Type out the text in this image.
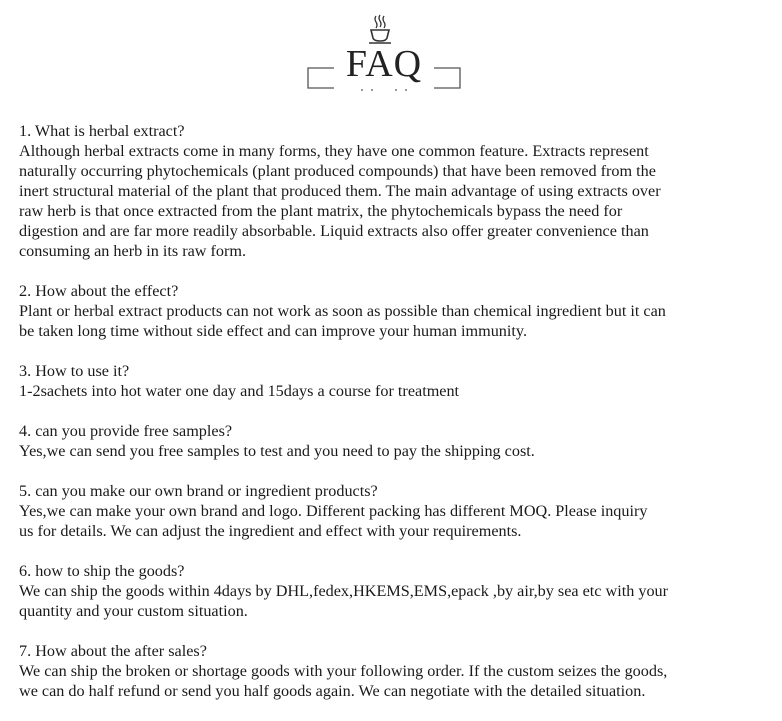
FAQ

1. What is herbal extract?

Although herbal extracts come in many forms, they have one common feature. Extracts represent
naturally occurring phytochemicals (plant produced compounds) that have been removed from the
inert structural material of the plant that produced them. The main advantage of using extracts over
raw herb is that once extracted from the plant matrix, the phytochemicals bypass the need for
digestion and are far more readily absorbable. Liquid extracts also offer greater convenience than
consuming an herb in its raw form.

2. How about the effect?

Plant or herbal extract products can not work as soon as possible than chemical ingredient but it can
be taken long time without side effect and can improve your human immunity.

3. How to use it?

1-2sachets into hot water one day and 15days a course for treatment

4. can you provide free samples?

Yes,we can send you free samples to test and you need to pay the shipping cost.

5. can you make our own brand or ingredient products?

Yes,we can make your own brand and logo. Different packing has different MOQ. Please inquiry
us for details. We can adjust the ingredient and effect with your requirements.

6. how to ship the goods?

We can ship the goods within 4days by DHL,fedex,HKEMS,EMS,epack ,by air,by sea etc with your
quantity and your custom situation.

7. How about the after sales?

We can ship the broken or shortage goods with your following order. If the custom seizes the goods,
we can do half refund or send you half goods again. We can negotiate with the detailed situation.
